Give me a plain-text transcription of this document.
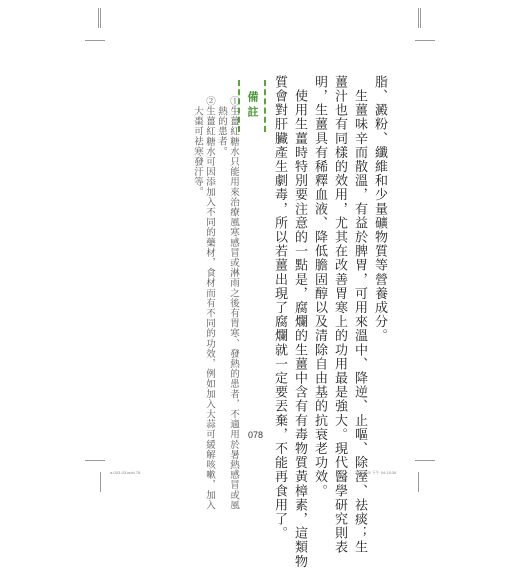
脂、澱粉、纖維和少量礦物質等營養成分。
　生薑味辛而散溫，有益於脾胃，可用來溫中、降逆、止嘔、除溼、祛痰；生
薑汁也有同樣的效用，尤其在改善胃寒上的功用最是強大。現代醫學研究則表
明，生薑具有稀釋血液、降低膽固醇以及清除自由基的抗衰老功效。
　使用生薑時特別要注意的一點是，腐爛的生薑中含有有毒物質黃樟素，這類物
質會對肝臟產生劇毒，所以若薑出現了腐爛就一定要丟棄，不能再食用了。
備註
①生薑紅糖水只能用來治療風寒感冒或淋雨之後有胃寒、發熱的患者，不適用於暑熱感冒或風
熱的患者。
②生薑紅糖水可因添加入不同的藥材，食材而有不同的功效，例如加入大蒜可緩解咳嗽，加入
大棗可祛寒發汗等。
078
a-003-03.indd 78	2016/7/5 下午 04:15:36
